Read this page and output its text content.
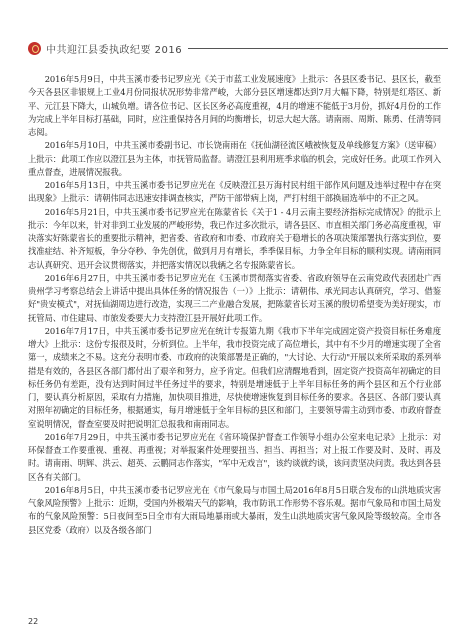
中共迎江县委执政纪要 2016

2016年5月9日，中共玉溪市委书记罗应光《关于市蓝工业发展速度》上批示：各县区委书记、县区长，截至今天各县区非银规上工业4月份同报状况形势非常严峻，大部分县区增速都达到7月大幅下降，特别是红塔区、新平、元江县下降大，山城负增。请各位书记、区长区务必高度重视，4月的增速不能低于3月份，抓好4月份的工作为完成上半年目标打基础，同时，应注重保持各月间的均衡增长，切忌大起大落。请南雨、周斯、陈勇、任清等同志阅。

2016年5月10日，中共玉溪市委副书记、市长饶南雨在《抚仙湖径流区峨被恢复及单线修复方案》（送审稿）上批示：此项工作应以澄江县为主体，市抚管局监督。请澄江县利用班季求临的机会，完成好任务。此项工作列入重点督查，进展情况报我。

2016年5月13日，中共玉溪市委书记罗应光在《反映澄江县万海村民村组干部作风问题及违举过程中存在突出现象》上批示：请朝伟同志迅速安排调查核实，严防干部带病上岗，严打村组干部换届选举中的不正之风。

2016年5月21日，中共玉溪市委书记罗应光在陈蒙省长《关于1 - 4月云南主要经济指标完成情况》的批示上批示：今年以来，针对非到工业发展的严峻形势，我已作过多次批示，请各县区、市直相关部门务必高度重视，审决落实好陈蒙省长的重要批示精神，把省委、省政府和市委、市政府关于稳增长的各项决策部署执行落实到位，要找准症结、补齐短板，争分夺秒、争先创优，做到月月有增长，季季保目标，力争全年目标的顺利实现。请南雨同志认真研究、迅开会议贯彻落实，并把落实情况以我辆之名专报陈蒙省长。

2016年6月27日，中共玉溪市委书记罗应光在《玉溪市贯彻落实省委、省政府领导在云南党政代表团赴广西贵州学习考察总结会上讲话中提出具体任务的情况报告（一）》上批示：请朝伟、承光同志认真研究，学习、借鉴好"贵安模式"，对抚仙湖周边进行改造，实现三二产业融合发展，把陈蒙省长对玉溪的殷切希望变为美好现实，市抚管局、市住建局、市旅发委要大力支持澄江县开展好此项工作。

2016年7月17日，中共玉溪市委书记罗应光在统计专报第九期《我市下半年完成固定资产投资目标任务难度增大》上批示：这份专报很及时，分析到位。上半年，我市投资完成了高位增长，其中有不少月的增速实现了全省第一，成绩来之不易。这充分表明市委、市政府的决策部署是正确的，"大讨论、大行动"开展以来所采取的系列举措是有效的，各县区各部门都付出了艰辛和努力，应予肯定。但我们应清醒地看到，固定资产投资高年初确定的目标任务仍有差距，没有达到时间过半任务过半的要求，特别是增速低于上半年目标任务的两个县区和五个行业部门，要认真分析原因，采取有力措施，加快项目推进，尽快使增速恢复到目标任务的要求。各县区、各部门要认真对照年初确定的目标任务，根据通实，每月增速低于全年目标的县区和部门，主要领导需主动到市委、市政府督查室说明情况，督查室要及时把说明汇总报我和南雨同志。

2016年7月29日，中共玉溪市委书记罗应光在《省环境保护督查工作领导小组办公室来电记录》上批示：对环保督查工作要重视、重视、再重视；对举报案件处理要扭当、担当、再担当；对上报工作要及时、及时、再及时。请南雨、明辉、洪云、超英、云鹏同志作落实，"军中无戏言"，该约谈就约谈，该问责坚决问责。我达到各县区各有关部门。

2016年8月5日，中共玉溪市委书记罗应光在《市气象局与市国土局2016年8月5日联合发布的山洪地质灾害气象风险预警》上批示：近期，受国内外极端天气的影响，我市防讯工作形势不容乐观。据市气象局和市国土局发布的气象风险预警：5日夜间至5日全市有大雨局地暴雨或大暴雨，发生山洪地质灾害气象风险等级较高。全市各县区党委（政府）以及各级各部门

22
